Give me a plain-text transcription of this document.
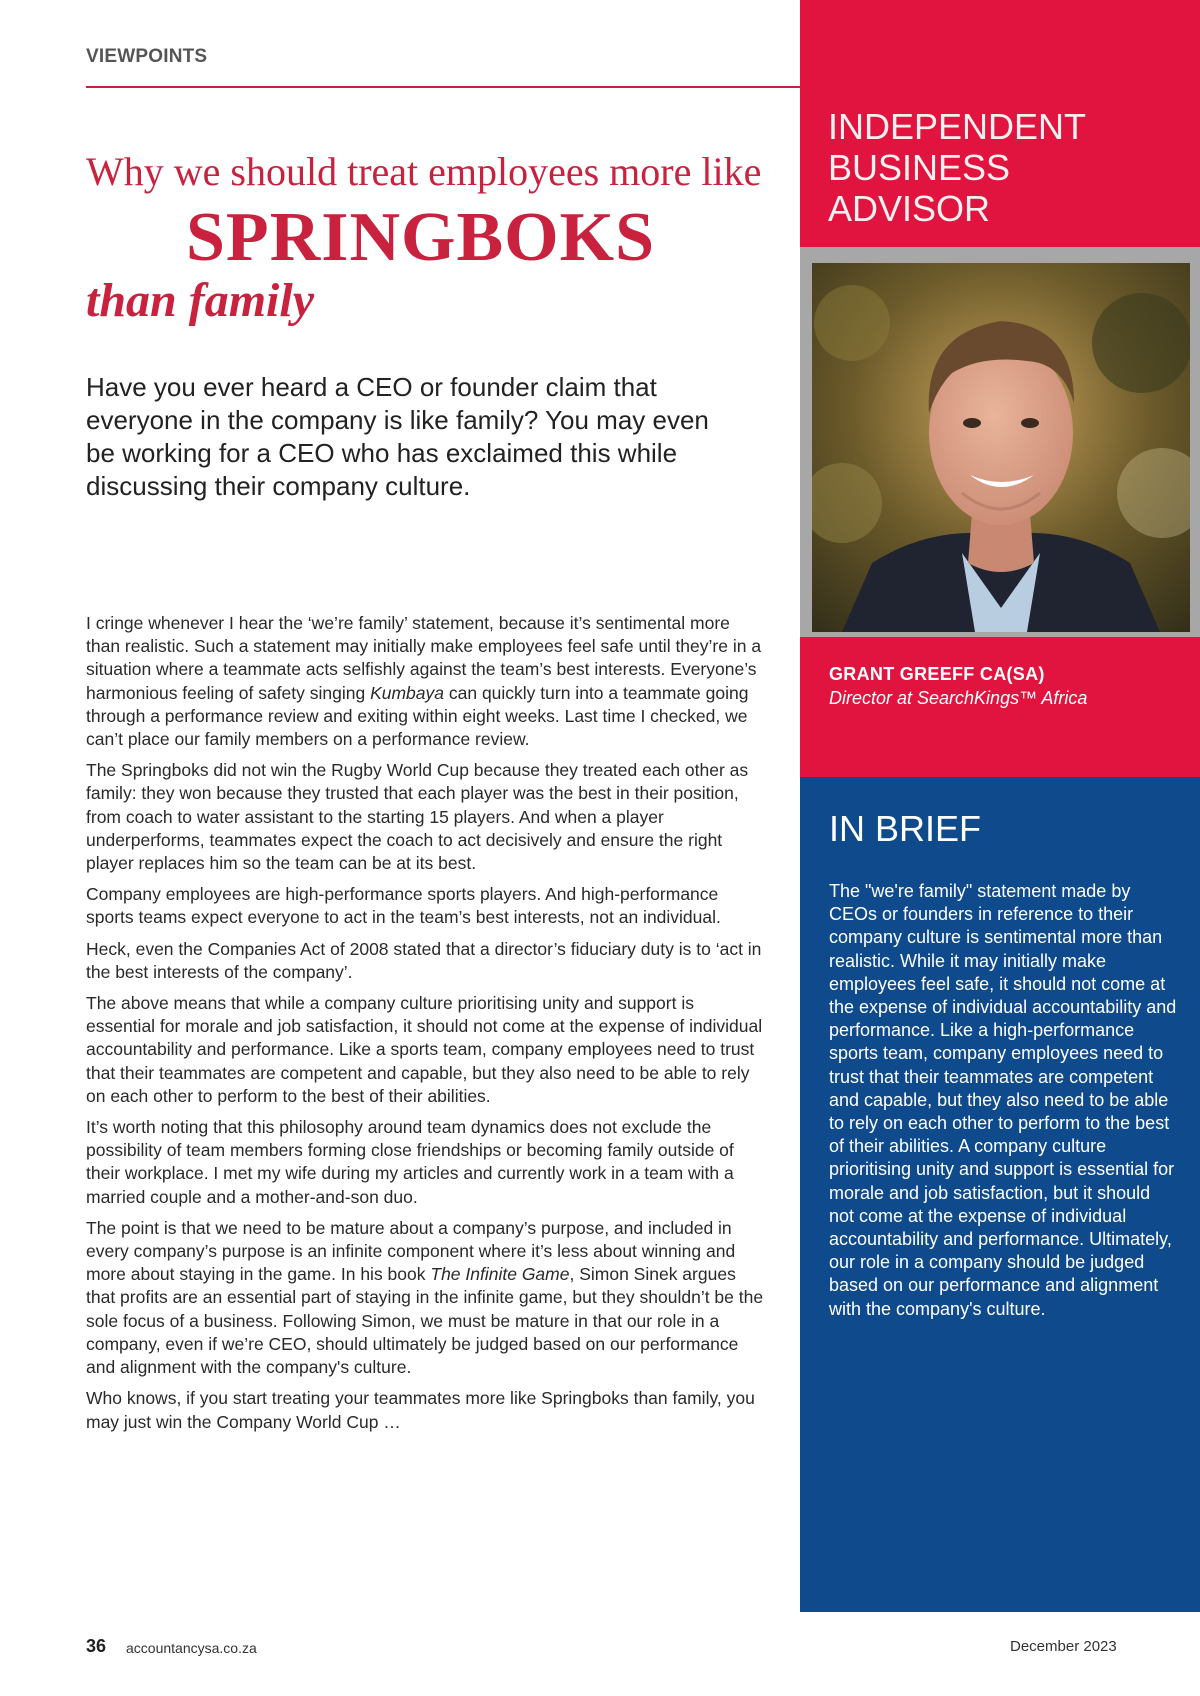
VIEWPOINTS
Why we should treat employees more like
SPRINGBOKS
than family
Have you ever heard a CEO or founder claim that everyone in the company is like family? You may even be working for a CEO who has exclaimed this while discussing their company culture.

I cringe whenever I hear the ‘we’re family’ statement, because it’s sentimental more than realistic. Such a statement may initially make employees feel safe until they’re in a situation where a teammate acts selfishly against the team’s best interests. Everyone’s harmonious feeling of safety singing Kumbaya can quickly turn into a teammate going through a performance review and exiting within eight weeks. Last time I checked, we can’t place our family members on a performance review.

The Springboks did not win the Rugby World Cup because they treated each other as family: they won because they trusted that each player was the best in their position, from coach to water assistant to the starting 15 players. And when a player underperforms, teammates expect the coach to act decisively and ensure the right player replaces him so the team can be at its best.

Company employees are high-performance sports players. And high-performance sports teams expect everyone to act in the team’s best interests, not an individual.

Heck, even the Companies Act of 2008 stated that a director’s fiduciary duty is to ‘act in the best interests of the company’.

The above means that while a company culture prioritising unity and support is essential for morale and job satisfaction, it should not come at the expense of individual accountability and performance. Like a sports team, company employees need to trust that their teammates are competent and capable, but they also need to be able to rely on each other to perform to the best of their abilities.

It’s worth noting that this philosophy around team dynamics does not exclude the possibility of team members forming close friendships or becoming family outside of their workplace. I met my wife during my articles and currently work in a team with a married couple and a mother-and-son duo.

The point is that we need to be mature about a company’s purpose, and included in every company’s purpose is an infinite component where it’s less about winning and more about staying in the game. In his book The Infinite Game, Simon Sinek argues that profits are an essential part of staying in the infinite game, but they shouldn’t be the sole focus of a business. Following Simon, we must be mature in that our role in a company, even if we’re CEO, should ultimately be judged based on our performance and alignment with the company's culture.

Who knows, if you start treating your teammates more like Springboks than family, you may just win the Company World Cup …

INDEPENDENT
BUSINESS
ADVISOR
GRANT GREEFF CA(SA)
Director at SearchKings™ Africa
IN BRIEF
The "we're family" statement made by CEOs or founders in reference to their company culture is sentimental more than realistic. While it may initially make employees feel safe, it should not come at the expense of individual accountability and performance. Like a high-performance sports team, company employees need to trust that their teammates are competent and capable, but they also need to be able to rely on each other to perform to the best of their abilities. A company culture prioritising unity and support is essential for morale and job satisfaction, but it should not come at the expense of individual accountability and performance. Ultimately, our role in a company should be judged based on our performance and alignment with the company's culture.
36 accountancysa.co.za	December 2023
